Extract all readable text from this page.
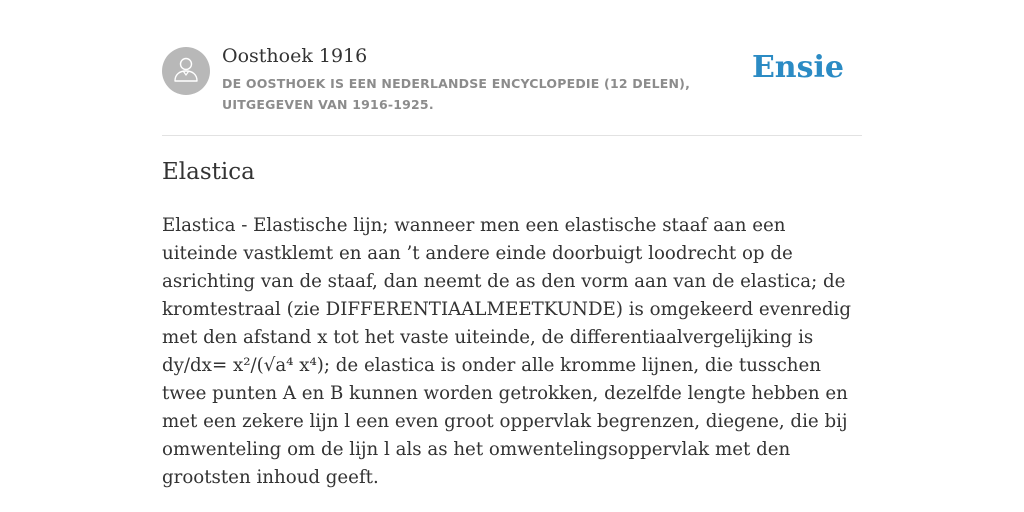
Oosthoek 1916
DE OOSTHOEK IS EEN NEDERLANDSE ENCYCLOPEDIE (12 DELEN), UITGEGEVEN VAN 1916-1925.
Ensie
Elastica

Elastica - Elastische lijn; wanneer men een elastische staaf aan een uiteinde vastklemt en aan ’t andere einde doorbuigt loodrecht op de asrichting van de staaf, dan neemt de as den vorm aan van de elastica; de kromtestraal (zie DIFFERENTIAALMEETKUNDE) is omgekeerd evenredig met den afstand x tot het vaste uiteinde, de differentiaalvergelijking is dy/dx= x²/(√a⁴ x⁴); de elastica is onder alle kromme lijnen, die tusschen twee punten A en B kunnen worden getrokken, dezelfde lengte hebben en met een zekere lijn l een even groot oppervlak begrenzen, diegene, die bij omwenteling om de lijn l als as het omwentelingsoppervlak met den grootsten inhoud geeft.
